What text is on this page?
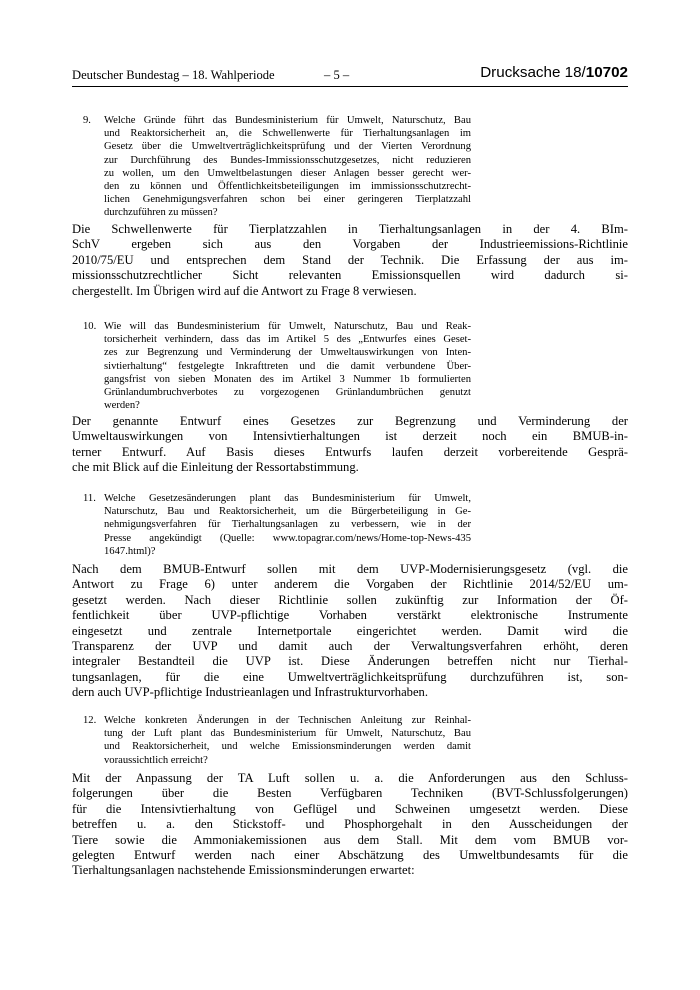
Deutscher Bundestag – 18. Wahlperiode	– 5 –	Drucksache 18/10702
9. Welche Gründe führt das Bundesministerium für Umwelt, Naturschutz, Bau
und Reaktorsicherheit an, die Schwellenwerte für Tierhaltungsanlagen im
Gesetz über die Umweltverträglichkeitsprüfung und der Vierten Verordnung
zur Durchführung des Bundes-Immissionsschutzgesetzes, nicht reduzieren
zu wollen, um den Umweltbelastungen dieser Anlagen besser gerecht wer-
den zu können und Öffentlichkeitsbeteiligungen im immissionsschutzrecht-
lichen Genehmigungsverfahren schon bei einer geringeren Tierplatzzahl
durchzuführen zu müssen?
Die Schwellenwerte für Tierplatzzahlen in Tierhaltungsanlagen in der 4. BIm-
SchV ergeben sich aus den Vorgaben der Industrieemissions-Richtlinie
2010/75/EU und entsprechen dem Stand der Technik. Die Erfassung der aus im-
missionsschutzrechtlicher Sicht relevanten Emissionsquellen wird dadurch si-
chergestellt. Im Übrigen wird auf die Antwort zu Frage 8 verwiesen.
10. Wie will das Bundesministerium für Umwelt, Naturschutz, Bau und Reak-
torsicherheit verhindern, dass das im Artikel 5 des „Entwurfes eines Geset-
zes zur Begrenzung und Verminderung der Umweltauswirkungen von Inten-
sivtierhaltung“ festgelegte Inkrafttreten und die damit verbundene Über-
gangsfrist von sieben Monaten des im Artikel 3 Nummer 1b formulierten
Grünlandumbruchverbotes zu vorgezogenen Grünlandumbrüchen genutzt
werden?
Der genannte Entwurf eines Gesetzes zur Begrenzung und Verminderung der
Umweltauswirkungen von Intensivtierhaltungen ist derzeit noch ein BMUB-in-
terner Entwurf. Auf Basis dieses Entwurfs laufen derzeit vorbereitende Gesprä-
che mit Blick auf die Einleitung der Ressortabstimmung.
11. Welche Gesetzesänderungen plant das Bundesministerium für Umwelt,
Naturschutz, Bau und Reaktorsicherheit, um die Bürgerbeteiligung in Ge-
nehmigungsverfahren für Tierhaltungsanlagen zu verbessern, wie in der
Presse angekündigt (Quelle: www.topagrar.com/news/Home-top-News-435
1647.html)?
Nach dem BMUB-Entwurf sollen mit dem UVP-Modernisierungsgesetz (vgl. die
Antwort zu Frage 6) unter anderem die Vorgaben der Richtlinie 2014/52/EU um-
gesetzt werden. Nach dieser Richtlinie sollen zukünftig zur Information der Öf-
fentlichkeit über UVP-pflichtige Vorhaben verstärkt elektronische Instrumente
eingesetzt und zentrale Internetportale eingerichtet werden. Damit wird die
Transparenz der UVP und damit auch der Verwaltungsverfahren erhöht, deren
integraler Bestandteil die UVP ist. Diese Änderungen betreffen nicht nur Tierhal-
tungsanlagen, für die eine Umweltverträglichkeitsprüfung durchzuführen ist, son-
dern auch UVP-pflichtige Industrieanlagen und Infrastrukturvorhaben.
12. Welche konkreten Änderungen in der Technischen Anleitung zur Reinhal-
tung der Luft plant das Bundesministerium für Umwelt, Naturschutz, Bau
und Reaktorsicherheit, und welche Emissionsminderungen werden damit
voraussichtlich erreicht?
Mit der Anpassung der TA Luft sollen u. a. die Anforderungen aus den Schluss-
folgerungen über die Besten Verfügbaren Techniken (BVT-Schlussfolgerungen)
für die Intensivtierhaltung von Geflügel und Schweinen umgesetzt werden. Diese
betreffen u. a. den Stickstoff- und Phosphorgehalt in den Ausscheidungen der
Tiere sowie die Ammoniakemissionen aus dem Stall. Mit dem vom BMUB vor-
gelegten Entwurf werden nach einer Abschätzung des Umweltbundesamts für die
Tierhaltungsanlagen nachstehende Emissionsminderungen erwartet:
